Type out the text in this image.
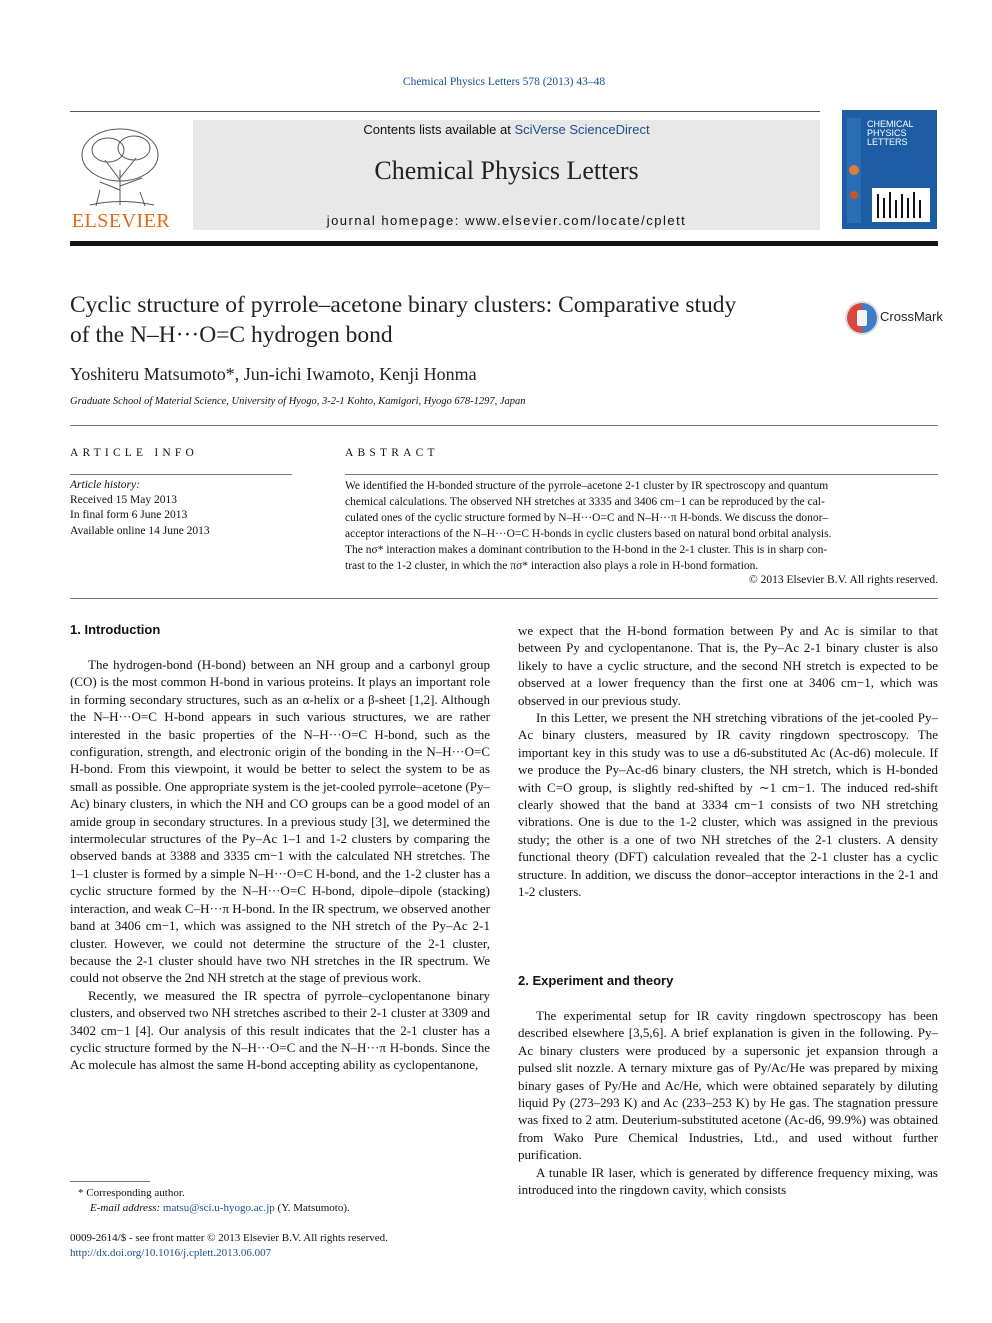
Chemical Physics Letters 578 (2013) 43–48
ELSEVIER
Contents lists available at SciVerse ScienceDirect
Chemical Physics Letters
journal homepage: www.elsevier.com/locate/cplett
CHEMICAL
PHYSICS
LETTERS
Cyclic structure of pyrrole–acetone binary clusters: Comparative study
of the N–H···O=C hydrogen bond
CrossMark
Yoshiteru Matsumoto*, Jun-ichi Iwamoto, Kenji Honma
Graduate School of Material Science, University of Hyogo, 3-2-1 Kohto, Kamigori, Hyogo 678-1297, Japan
ARTICLE INFO	ABSTRACT
Article history:
Received 15 May 2013
In final form 6 June 2013
Available online 14 June 2013
We identified the H-bonded structure of the pyrrole–acetone 2-1 cluster by IR spectroscopy and quantum
chemical calculations. The observed NH stretches at 3335 and 3406 cm−1 can be reproduced by the cal-
culated ones of the cyclic structure formed by N–H···O=C and N–H···π H-bonds. We discuss the donor–
acceptor interactions of the N–H···O=C H-bonds in cyclic clusters based on natural bond orbital analysis.
The nσ* interaction makes a dominant contribution to the H-bond in the 2-1 cluster. This is in sharp con-
trast to the 1-2 cluster, in which the πσ* interaction also plays a role in H-bond formation.
© 2013 Elsevier B.V. All rights reserved.
1. Introduction

The hydrogen-bond (H-bond) between an NH group and a carbonyl group (CO) is the most common H-bond in various proteins. It plays an important role in forming secondary structures, such as an α-helix or a β-sheet [1,2]. Although the N–H···O=C H-bond appears in such various structures, we are rather interested in the basic properties of the N–H···O=C H-bond, such as the configuration, strength, and electronic origin of the bonding in the N–H···O=C H-bond. From this viewpoint, it would be better to select the system to be as small as possible. One appropriate system is the jet-cooled pyrrole–acetone (Py–Ac) binary clusters, in which the NH and CO groups can be a good model of an amide group in secondary structures. In a previous study [3], we determined the intermolecular structures of the Py–Ac 1–1 and 1-2 clusters by comparing the observed bands at 3388 and 3335 cm−1 with the calculated NH stretches. The 1–1 cluster is formed by a simple N–H···O=C H-bond, and the 1-2 cluster has a cyclic structure formed by the N–H···O=C H-bond, dipole–dipole (stacking) interaction, and weak C–H···π H-bond. In the IR spectrum, we observed another band at 3406 cm−1, which was assigned to the NH stretch of the Py–Ac 2-1 cluster. However, we could not determine the structure of the 2-1 cluster, because the 2-1 cluster should have two NH stretches in the IR spectrum. We could not observe the 2nd NH stretch at the stage of previous work.

Recently, we measured the IR spectra of pyrrole–cyclopentanone binary clusters, and observed two NH stretches ascribed to their 2-1 cluster at 3309 and 3402 cm−1 [4]. Our analysis of this result indicates that the 2-1 cluster has a cyclic structure formed by the N–H···O=C and the N–H···π H-bonds. Since the Ac molecule has almost the same H-bond accepting ability as cyclopentanone,

we expect that the H-bond formation between Py and Ac is similar to that between Py and cyclopentanone. That is, the Py–Ac 2-1 binary cluster is also likely to have a cyclic structure, and the second NH stretch is expected to be observed at a lower frequency than the first one at 3406 cm−1, which was observed in our previous study.

In this Letter, we present the NH stretching vibrations of the jet-cooled Py–Ac binary clusters, measured by IR cavity ringdown spectroscopy. The important key in this study was to use a d6-substituted Ac (Ac-d6) molecule. If we produce the Py–Ac-d6 binary clusters, the NH stretch, which is H-bonded with C=O group, is slightly red-shifted by ∼1 cm−1. The induced red-shift clearly showed that the band at 3334 cm−1 consists of two NH stretching vibrations. One is due to the 1-2 cluster, which was assigned in the previous study; the other is a one of two NH stretches of the 2-1 clusters. A density functional theory (DFT) calculation revealed that the 2-1 cluster has a cyclic structure. In addition, we discuss the donor–acceptor interactions in the 2-1 and 1-2 clusters.

2. Experiment and theory

The experimental setup for IR cavity ringdown spectroscopy has been described elsewhere [3,5,6]. A brief explanation is given in the following. Py–Ac binary clusters were produced by a supersonic jet expansion through a pulsed slit nozzle. A ternary mixture gas of Py/Ac/He was prepared by mixing binary gases of Py/He and Ac/He, which were obtained separately by diluting liquid Py (273–293 K) and Ac (233–253 K) by He gas. The stagnation pressure was fixed to 2 atm. Deuterium-substituted acetone (Ac-d6, 99.9%) was obtained from Wako Pure Chemical Industries, Ltd., and used without further purification.

A tunable IR laser, which is generated by difference frequency mixing, was introduced into the ringdown cavity, which consists

* Corresponding author.
E-mail address: matsu@sci.u-hyogo.ac.jp (Y. Matsumoto).
0009-2614/$ - see front matter © 2013 Elsevier B.V. All rights reserved.
http://dx.doi.org/10.1016/j.cplett.2013.06.007
